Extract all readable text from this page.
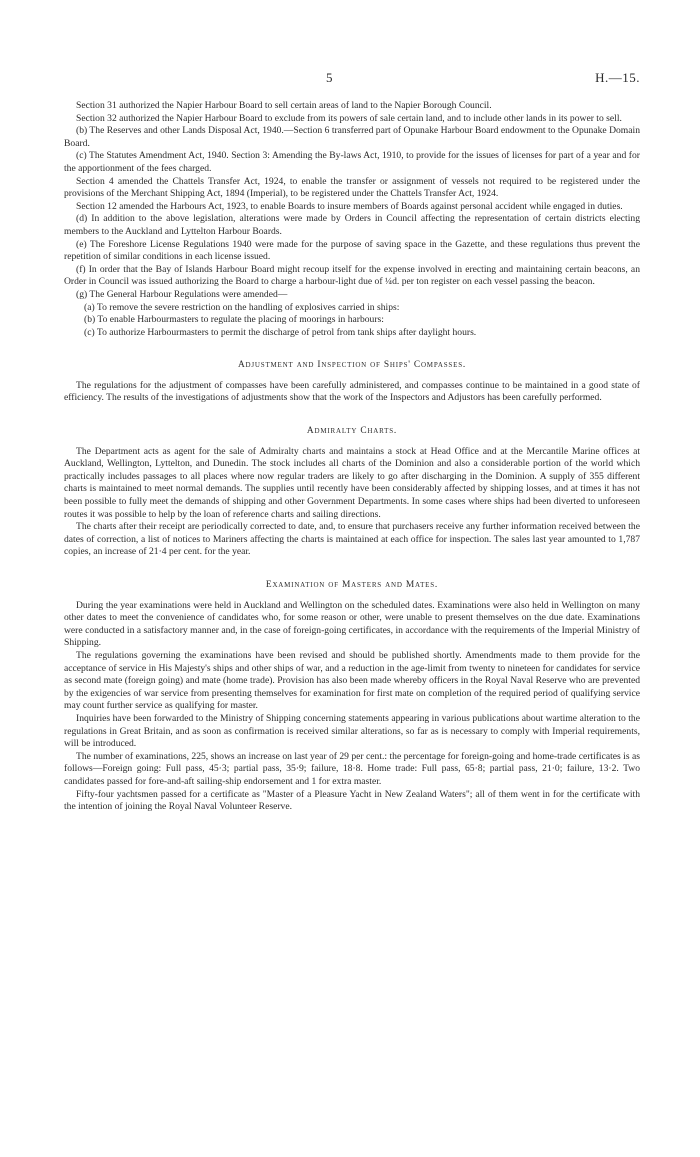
5	H.—15.

Section 31 authorized the Napier Harbour Board to sell certain areas of land to the Napier Borough Council.

Section 32 authorized the Napier Harbour Board to exclude from its powers of sale certain land, and to include other lands in its power to sell.

(b) The Reserves and other Lands Disposal Act, 1940.—Section 6 transferred part of Opunake Harbour Board endowment to the Opunake Domain Board.

(c) The Statutes Amendment Act, 1940. Section 3: Amending the By-laws Act, 1910, to provide for the issues of licenses for part of a year and for the apportionment of the fees charged.

Section 4 amended the Chattels Transfer Act, 1924, to enable the transfer or assignment of vessels not required to be registered under the provisions of the Merchant Shipping Act, 1894 (Imperial), to be registered under the Chattels Transfer Act, 1924.

Section 12 amended the Harbours Act, 1923, to enable Boards to insure members of Boards against personal accident while engaged in duties.

(d) In addition to the above legislation, alterations were made by Orders in Council affecting the representation of certain districts electing members to the Auckland and Lyttelton Harbour Boards.

(e) The Foreshore License Regulations 1940 were made for the purpose of saving space in the Gazette, and these regulations thus prevent the repetition of similar conditions in each license issued.

(f) In order that the Bay of Islands Harbour Board might recoup itself for the expense involved in erecting and maintaining certain beacons, an Order in Council was issued authorizing the Board to charge a harbour-light due of ¼d. per ton register on each vessel passing the beacon.

(g) The General Harbour Regulations were amended—

(a) To remove the severe restriction on the handling of explosives carried in ships:
(b) To enable Harbourmasters to regulate the placing of moorings in harbours:
(c) To authorize Harbourmasters to permit the discharge of petrol from tank ships after daylight hours.
Adjustment and Inspection of Ships' Compasses.

The regulations for the adjustment of compasses have been carefully administered, and compasses continue to be maintained in a good state of efficiency. The results of the investigations of adjustments show that the work of the Inspectors and Adjustors has been carefully performed.

Admiralty Charts.

The Department acts as agent for the sale of Admiralty charts and maintains a stock at Head Office and at the Mercantile Marine offices at Auckland, Wellington, Lyttelton, and Dunedin. The stock includes all charts of the Dominion and also a considerable portion of the world which practically includes passages to all places where now regular traders are likely to go after discharging in the Dominion. A supply of 355 different charts is maintained to meet normal demands. The supplies until recently have been considerably affected by shipping losses, and at times it has not been possible to fully meet the demands of shipping and other Government Departments. In some cases where ships had been diverted to unforeseen routes it was possible to help by the loan of reference charts and sailing directions.

The charts after their receipt are periodically corrected to date, and, to ensure that purchasers receive any further information received between the dates of correction, a list of notices to Mariners affecting the charts is maintained at each office for inspection. The sales last year amounted to 1,787 copies, an increase of 21·4 per cent. for the year.

Examination of Masters and Mates.

During the year examinations were held in Auckland and Wellington on the scheduled dates. Examinations were also held in Wellington on many other dates to meet the convenience of candidates who, for some reason or other, were unable to present themselves on the due date. Examinations were conducted in a satisfactory manner and, in the case of foreign-going certificates, in accordance with the requirements of the Imperial Ministry of Shipping.

The regulations governing the examinations have been revised and should be published shortly. Amendments made to them provide for the acceptance of service in His Majesty's ships and other ships of war, and a reduction in the age-limit from twenty to nineteen for candidates for service as second mate (foreign going) and mate (home trade). Provision has also been made whereby officers in the Royal Naval Reserve who are prevented by the exigencies of war service from presenting themselves for examination for first mate on completion of the required period of qualifying service may count further service as qualifying for master.

Inquiries have been forwarded to the Ministry of Shipping concerning statements appearing in various publications about wartime alteration to the regulations in Great Britain, and as soon as confirmation is received similar alterations, so far as is necessary to comply with Imperial requirements, will be introduced.

The number of examinations, 225, shows an increase on last year of 29 per cent.: the percentage for foreign-going and home-trade certificates is as follows—Foreign going: Full pass, 45·3; partial pass, 35·9; failure, 18·8. Home trade: Full pass, 65·8; partial pass, 21·0; failure, 13·2. Two candidates passed for fore-and-aft sailing-ship endorsement and 1 for extra master.

Fifty-four yachtsmen passed for a certificate as "Master of a Pleasure Yacht in New Zealand Waters"; all of them went in for the certificate with the intention of joining the Royal Naval Volunteer Reserve.
